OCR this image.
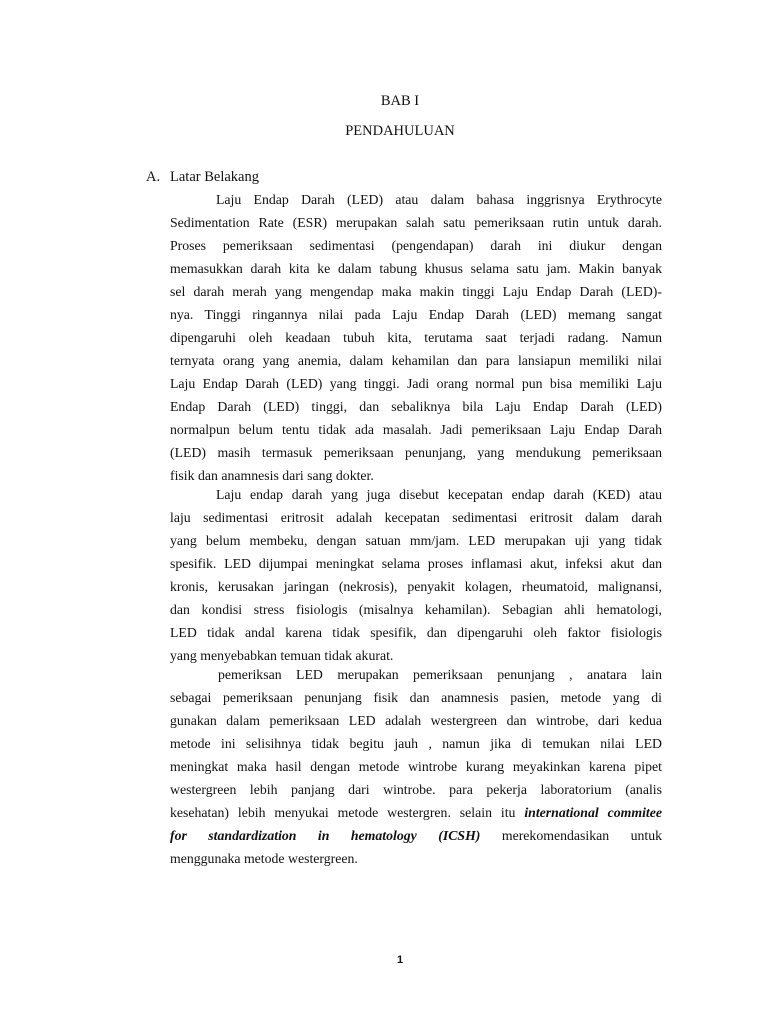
BAB I
PENDAHULUAN
A. Latar Belakang
Laju Endap Darah (LED) atau dalam bahasa inggrisnya Erythrocyte
Sedimentation Rate (ESR) merupakan salah satu pemeriksaan rutin untuk darah.
Proses pemeriksaan sedimentasi (pengendapan) darah ini diukur dengan
memasukkan darah kita ke dalam tabung khusus selama satu jam. Makin banyak
sel darah merah yang mengendap maka makin tinggi Laju Endap Darah (LED)-
nya. Tinggi ringannya nilai pada Laju Endap Darah (LED) memang sangat
dipengaruhi oleh keadaan tubuh kita, terutama saat terjadi radang. Namun
ternyata orang yang anemia, dalam kehamilan dan para lansiapun memiliki nilai
Laju Endap Darah (LED) yang tinggi. Jadi orang normal pun bisa memiliki Laju
Endap Darah (LED) tinggi, dan sebaliknya bila Laju Endap Darah (LED)
normalpun belum tentu tidak ada masalah. Jadi pemeriksaan Laju Endap Darah
(LED) masih termasuk pemeriksaan penunjang, yang mendukung pemeriksaan
fisik dan anamnesis dari sang dokter.
Laju endap darah yang juga disebut kecepatan endap darah (KED) atau
laju sedimentasi eritrosit adalah kecepatan sedimentasi eritrosit dalam darah
yang belum membeku, dengan satuan mm/jam. LED merupakan uji yang tidak
spesifik. LED dijumpai meningkat selama proses inflamasi akut, infeksi akut dan
kronis, kerusakan jaringan (nekrosis), penyakit kolagen, rheumatoid, malignansi,
dan kondisi stress fisiologis (misalnya kehamilan). Sebagian ahli hematologi,
LED tidak andal karena tidak spesifik, dan dipengaruhi oleh faktor fisiologis
yang menyebabkan temuan tidak akurat.
pemeriksan LED merupakan pemeriksaan penunjang , anatara lain
sebagai pemeriksaan penunjang fisik dan anamnesis pasien, metode yang di
gunakan dalam pemeriksaan LED adalah westergreen dan wintrobe, dari kedua
metode ini selisihnya tidak begitu jauh , namun jika di temukan nilai LED
meningkat maka hasil dengan metode wintrobe kurang meyakinkan karena pipet
westergreen lebih panjang dari wintrobe. para pekerja laboratorium (analis
kesehatan) lebih menyukai metode westergren. selain itu international commitee
for standardization in hematology (ICSH) merekomendasikan untuk
menggunaka metode westergreen.
1
